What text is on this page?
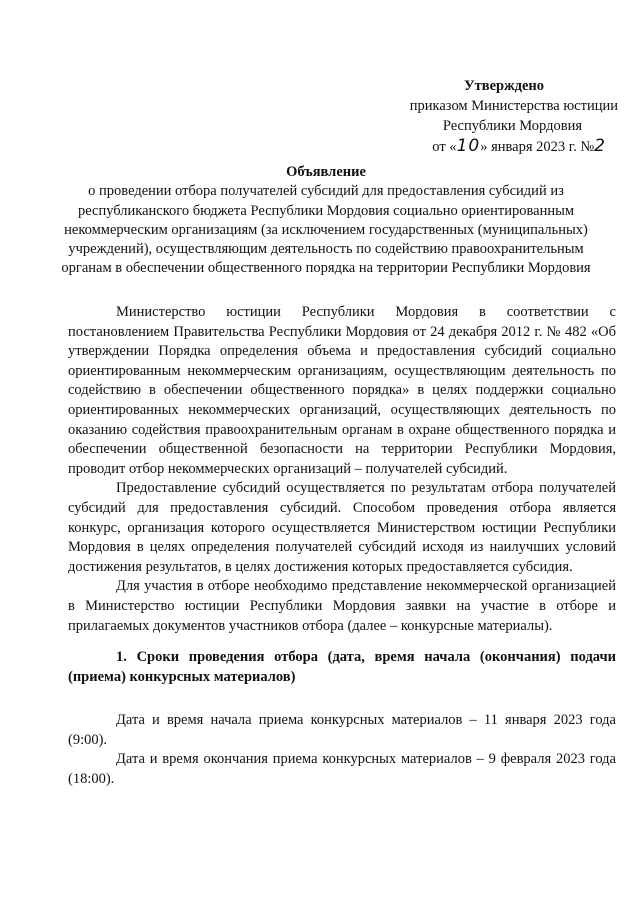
Утверждено
приказом Министерства юстиции
Республики Мордовия
от «10» января 2023 г. №2
Объявление
о проведении отбора получателей субсидий для предоставления субсидий из республиканского бюджета Республики Мордовия социально ориентированным некоммерческим организациям (за исключением государственных (муниципальных) учреждений), осуществляющим деятельность по содействию правоохранительным органам в обеспечении общественного порядка на территории Республики Мордовия

Министерство юстиции Республики Мордовия в соответствии с постановлением Правительства Республики Мордовия от 24 декабря 2012 г. № 482 «Об утверждении Порядка определения объема и предоставления субсидий социально ориентированным некоммерческим организациям, осуществляющим деятельность по содействию в обеспечении общественного порядка» в целях поддержки социально ориентированных некоммерческих организаций, осуществляющих деятельность по оказанию содействия правоохранительным органам в охране общественного порядка и обеспечении общественной безопасности на территории Республики Мордовия, проводит отбор некоммерческих организаций – получателей субсидий.

Предоставление субсидий осуществляется по результатам отбора получателей субсидий для предоставления субсидий. Способом проведения отбора является конкурс, организация которого осуществляется Министерством юстиции Республики Мордовия в целях определения получателей субсидий исходя из наилучших условий достижения результатов, в целях достижения которых предоставляется субсидия.

Для участия в отборе необходимо представление некоммерческой организацией в Министерство юстиции Республики Мордовия заявки на участие в отборе и прилагаемых документов участников отбора (далее – конкурсные материалы).

1. Сроки проведения отбора (дата, время начала (окончания) подачи (приема) конкурсных материалов)

Дата и время начала приема конкурсных материалов – 11 января 2023 года (9:00).

Дата и время окончания приема конкурсных материалов – 9 февраля 2023 года (18:00).
